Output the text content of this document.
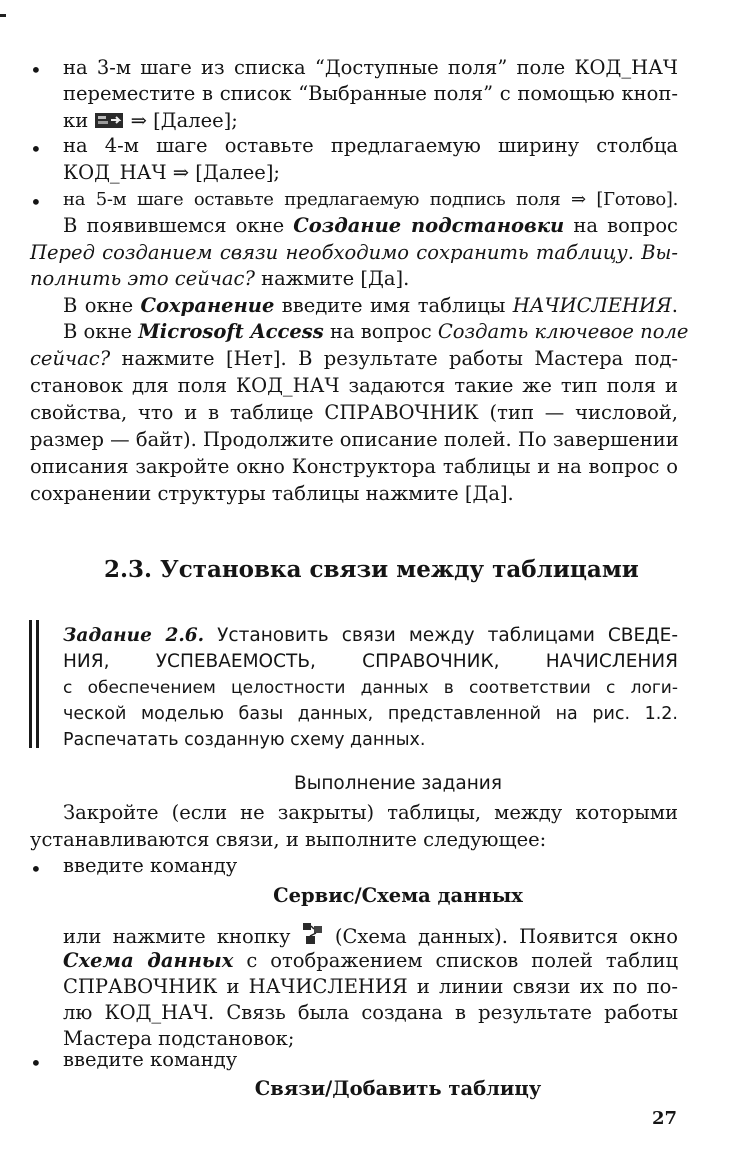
• на 3-м шаге из списка “Доступные поля” поле КОД_НАЧ
переместите в список “Выбранные поля” с помощью кноп-
ки ⇒ [Далее];
• на 4-м шаге оставьте предлагаемую ширину столбца
КОД_НАЧ ⇒ [Далее];
• на 5-м шаге оставьте предлагаемую подпись поля ⇒ [Готово].
В появившемся окне Создание подстановки на вопрос
Перед созданием связи необходимо сохранить таблицу. Вы-
полнить это сейчас? нажмите [Да].
В окне Сохранение введите имя таблицы НАЧИСЛЕНИЯ.
В окне Microsoft Access на вопрос Создать ключевое поле
сейчас? нажмите [Нет]. В результате работы Мастера под-
становок для поля КОД_НАЧ задаются такие же тип поля и
свойства, что и в таблице СПРАВОЧНИК (тип — числовой,
размер — байт). Продолжите описание полей. По завершении
описания закройте окно Конструктора таблицы и на вопрос о
сохранении структуры таблицы нажмите [Да].
2.3. Установка связи между таблицами
Задание 2.6. Установить связи между таблицами СВЕДЕ-
НИЯ, УСПЕВАЕМОСТЬ, СПРАВОЧНИК, НАЧИСЛЕНИЯ
с обеспечением целостности данных в соответствии с логи-
ческой моделью базы данных, представленной на рис. 1.2.
Распечатать созданную схему данных.
Выполнение задания
Закройте (если не закрыты) таблицы, между которыми
устанавливаются связи, и выполните следующее:
• введите команду
Сервис/Схема данных
или нажмите кнопку (Схема данных). Появится окно
Схема данных с отображением списков полей таблиц
СПРАВОЧНИК и НАЧИСЛЕНИЯ и линии связи их по по-
лю КОД_НАЧ. Связь была создана в результате работы
Мастера подстановок;
• введите команду
Связи/Добавить таблицу
27
